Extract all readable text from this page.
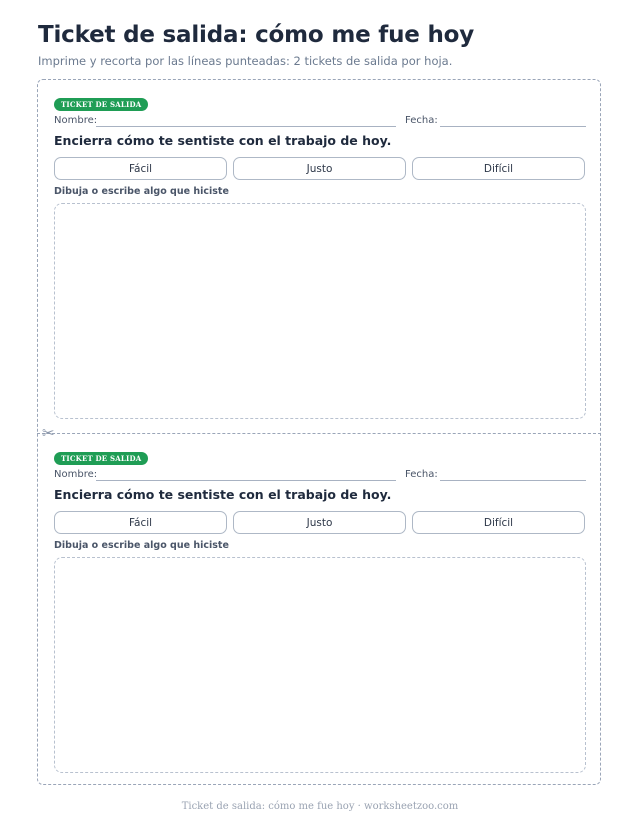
Ticket de salida: cómo me fue hoy
Imprime y recorta por las líneas punteadas: 2 tickets de salida por hoja.
TICKET DE SALIDA
Nombre:	Fecha:
Encierra cómo te sentiste con el trabajo de hoy.
Fácil	Justo	Difícil
Dibuja o escribe algo que hiciste
✂
TICKET DE SALIDA
Nombre:	Fecha:
Encierra cómo te sentiste con el trabajo de hoy.
Fácil	Justo	Difícil
Dibuja o escribe algo que hiciste
Ticket de salida: cómo me fue hoy · worksheetzoo.com
